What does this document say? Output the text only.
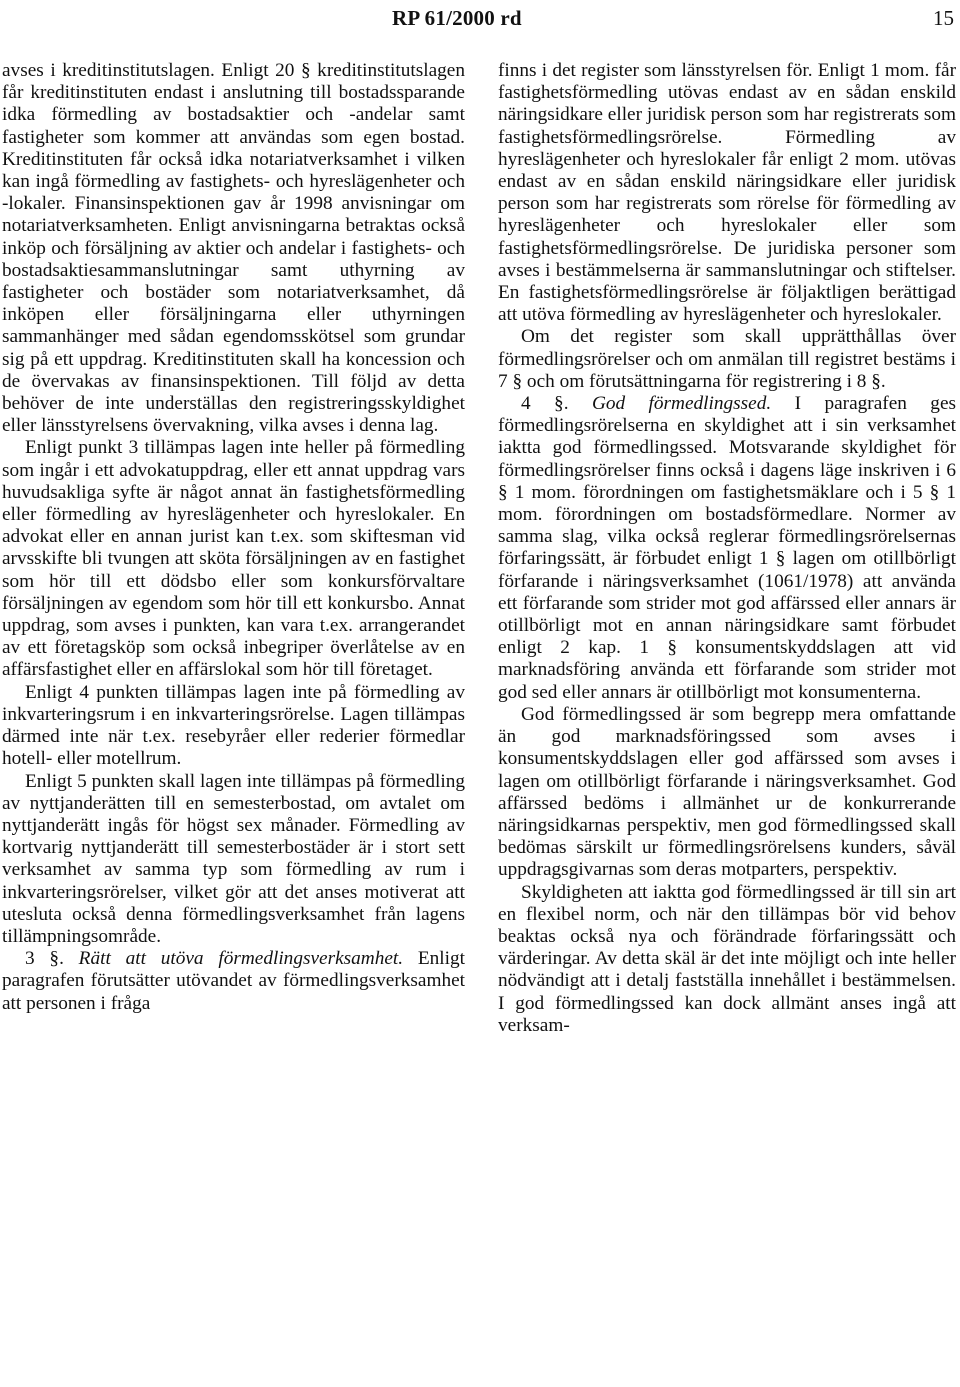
RP 61/2000 rd	15

avses i kreditinstitutslagen. Enligt 20 § kreditinstitutslagen får kreditinstituten endast i anslutning till bostadssparande idka förmedling av bostadsaktier och -andelar samt fastigheter som kommer att användas som egen bostad. Kreditinstituten får också idka notariatverksamhet i vilken kan ingå förmedling av fastighets- och hyreslägenheter och -lokaler. Finansinspektionen gav år 1998 anvisningar om notariatverksamheten. Enligt anvisningarna betraktas också inköp och försäljning av aktier och andelar i fastighets- och bostadsaktiesammanslutningar samt uthyrning av fastigheter och bostäder som notariatverksamhet, då inköpen eller försäljningarna eller uthyrningen sammanhänger med sådan egendomsskötsel som grundar sig på ett uppdrag. Kreditinstituten skall ha koncession och de övervakas av finansinspektionen. Till följd av detta behöver de inte underställas den registreringsskyldighet eller länsstyrelsens övervakning, vilka avses i denna lag.

Enligt punkt 3 tillämpas lagen inte heller på förmedling som ingår i ett advokatuppdrag, eller ett annat uppdrag vars huvudsakliga syfte är något annat än fastighetsförmedling eller förmedling av hyreslägenheter och hyreslokaler. En advokat eller en annan jurist kan t.ex. som skiftesman vid arvsskifte bli tvungen att sköta försäljningen av en fastighet som hör till ett dödsbo eller som konkursförvaltare försäljningen av egendom som hör till ett konkursbo. Annat uppdrag, som avses i punkten, kan vara t.ex. arrangerandet av ett företagsköp som också inbegriper överlåtelse av en affärsfastighet eller en affärslokal som hör till företaget.

Enligt 4 punkten tillämpas lagen inte på förmedling av inkvarteringsrum i en inkvarteringsrörelse. Lagen tillämpas därmed inte när t.ex. resebyråer eller rederier förmedlar hotell- eller motellrum.

Enligt 5 punkten skall lagen inte tillämpas på förmedling av nyttjanderätten till en semesterbostad, om avtalet om nyttjanderätt ingås för högst sex månader. Förmedling av kortvarig nyttjanderätt till semesterbostäder är i stort sett verksamhet av samma typ som förmedling av rum i inkvarteringsrörelser, vilket gör att det anses motiverat att utesluta också denna förmedlingsverksamhet från lagens tillämpningsområde.

3 §. Rätt att utöva förmedlingsverksamhet. Enligt paragrafen förutsätter utövandet av förmedlingsverksamhet att personen i fråga

finns i det register som länsstyrelsen för. Enligt 1 mom. får fastighetsförmedling utövas endast av en sådan enskild näringsidkare eller juridisk person som har registrerats som fastighetsförmedlingsrörelse. Förmedling av hyreslägenheter och hyreslokaler får enligt 2 mom. utövas endast av en sådan enskild näringsidkare eller juridisk person som har registrerats som rörelse för förmedling av hyreslägenheter och hyreslokaler eller som fastighetsförmedlingsrörelse. De juridiska personer som avses i bestämmelserna är sammanslutningar och stiftelser. En fastighetsförmedlingsrörelse är följaktligen berättigad att utöva förmedling av hyreslägenheter och hyreslokaler.

Om det register som skall upprätthållas över förmedlingsrörelser och om anmälan till registret bestäms i 7 § och om förutsättningarna för registrering i 8 §.

4 §. God förmedlingssed. I paragrafen ges förmedlingsrörelserna en skyldighet att i sin verksamhet iaktta god förmedlingssed. Motsvarande skyldighet för förmedlingsrörelser finns också i dagens läge inskriven i 6 § 1 mom. förordningen om fastighetsmäklare och i 5 § 1 mom. förordningen om bostadsförmedlare. Normer av samma slag, vilka också reglerar förmedlingsrörelsernas förfaringssätt, är förbudet enligt 1 § lagen om otillbörligt förfarande i näringsverksamhet (1061/1978) att använda ett förfarande som strider mot god affärssed eller annars är otillbörligt mot en annan näringsidkare samt förbudet enligt 2 kap. 1 § konsumentskyddslagen att vid marknadsföring använda ett förfarande som strider mot god sed eller annars är otillbörligt mot konsumenterna.

God förmedlingssed är som begrepp mera omfattande än god marknadsföringssed som avses i konsumentskyddslagen eller god affärssed som avses i lagen om otillbörligt förfarande i näringsverksamhet. God affärssed bedöms i allmänhet ur de konkurrerande näringsidkarnas perspektiv, men god förmedlingssed skall bedömas särskilt ur förmedlingsrörelsens kunders, såväl uppdragsgivarnas som deras motparters, perspektiv.

Skyldigheten att iaktta god förmedlingssed är till sin art en flexibel norm, och när den tillämpas bör vid behov beaktas också nya och förändrade förfaringssätt och värderingar. Av detta skäl är det inte möjligt och inte heller nödvändigt att i detalj fastställa innehållet i bestämmelsen. I god förmedlingssed kan dock allmänt anses ingå att verksam-
